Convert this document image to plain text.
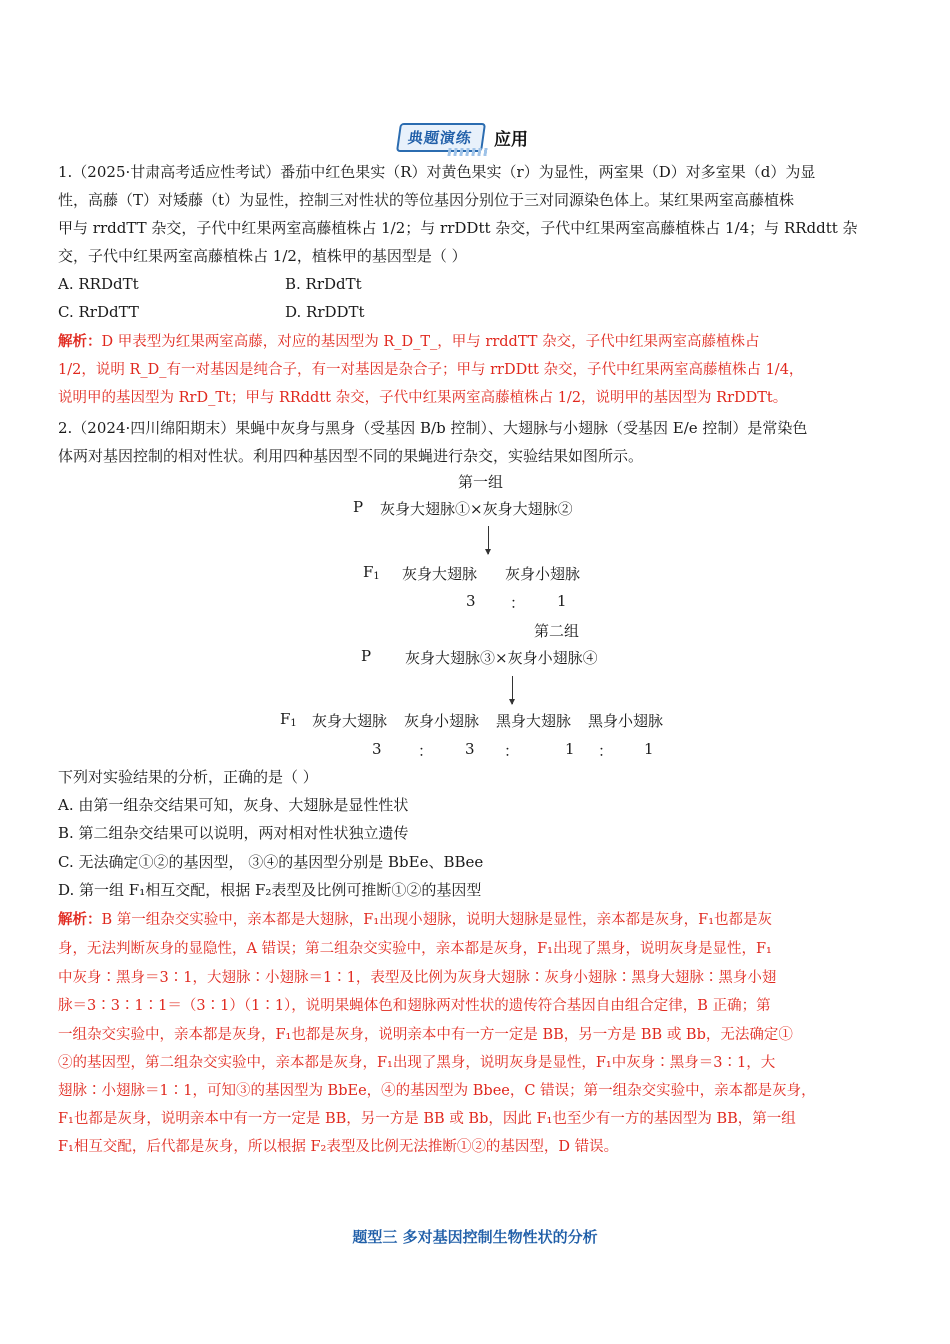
典题演练	应用
1.（2025·甘肃高考适应性考试）番茄中红色果实（R）对黄色果实（r）为显性，两室果（D）对多室果（d）为显
性，高藤（T）对矮藤（t）为显性，控制三对性状的等位基因分别位于三对同源染色体上。某红果两室高藤植株
甲与 rrddTT 杂交，子代中红果两室高藤植株占 1/2；与 rrDDtt 杂交，子代中红果两室高藤植株占 1/4；与 RRddtt 杂
交，子代中红果两室高藤植株占 1/2，植株甲的基因型是（ ）
A. RRDdTt	B. RrDdTt
C. RrDdTT	D. RrDDTt
解析：D 甲表型为红果两室高藤，对应的基因型为 R_D_T_，甲与 rrddTT 杂交，子代中红果两室高藤植株占
1/2，说明 R_D_有一对基因是纯合子，有一对基因是杂合子；甲与 rrDDtt 杂交，子代中红果两室高藤植株占 1/4，
说明甲的基因型为 RrD_Tt；甲与 RRddtt 杂交，子代中红果两室高藤植株占 1/2，说明甲的基因型为 RrDDTt。
2.（2024·四川绵阳期末）果蝇中灰身与黑身（受基因 B/b 控制）、大翅脉与小翅脉（受基因 E/e 控制）是常染色
体两对基因控制的相对性状。利用四种基因型不同的果蝇进行杂交，实验结果如图所示。
第一组
P 灰身大翅脉①×灰身大翅脉②
$F_1$ 灰身大翅脉 灰身小翅脉
3 ： 1
第二组
P 灰身大翅脉③×灰身小翅脉④
$F_1$ 灰身大翅脉 灰身小翅脉 黑身大翅脉 黑身小翅脉
3 ： 3 ：	1 ： 1
下列对实验结果的分析，正确的是（ ）
A. 由第一组杂交结果可知，灰身、大翅脉是显性性状
B. 第二组杂交结果可以说明，两对相对性状独立遗传
C. 无法确定①②的基因型， ③④的基因型分别是 BbEe、BBee
D. 第一组 F₁相互交配，根据 F₂表型及比例可推断①②的基因型
解析：B 第一组杂交实验中，亲本都是大翅脉，F₁出现小翅脉，说明大翅脉是显性，亲本都是灰身，F₁也都是灰
身，无法判断灰身的显隐性，A 错误；第二组杂交实验中，亲本都是灰身，F₁出现了黑身，说明灰身是显性，F₁
中灰身∶黑身＝3∶1，大翅脉∶小翅脉＝1∶1，表型及比例为灰身大翅脉∶灰身小翅脉∶黑身大翅脉∶黑身小翅
脉＝3∶3∶1∶1＝（3∶1）（1∶1），说明果蝇体色和翅脉两对性状的遗传符合基因自由组合定律，B 正确；第
一组杂交实验中，亲本都是灰身，F₁也都是灰身，说明亲本中有一方一定是 BB，另一方是 BB 或 Bb，无法确定①
②的基因型，第二组杂交实验中，亲本都是灰身，F₁出现了黑身，说明灰身是显性，F₁中灰身∶黑身＝3∶1，大
翅脉∶小翅脉＝1∶1，可知③的基因型为 BbEe，④的基因型为 Bbee，C 错误；第一组杂交实验中，亲本都是灰身，
F₁也都是灰身，说明亲本中有一方一定是 BB，另一方是 BB 或 Bb，因此 F₁也至少有一方的基因型为 BB，第一组
F₁相互交配，后代都是灰身，所以根据 F₂表型及比例无法推断①②的基因型，D 错误。
题型三 多对基因控制生物性状的分析
